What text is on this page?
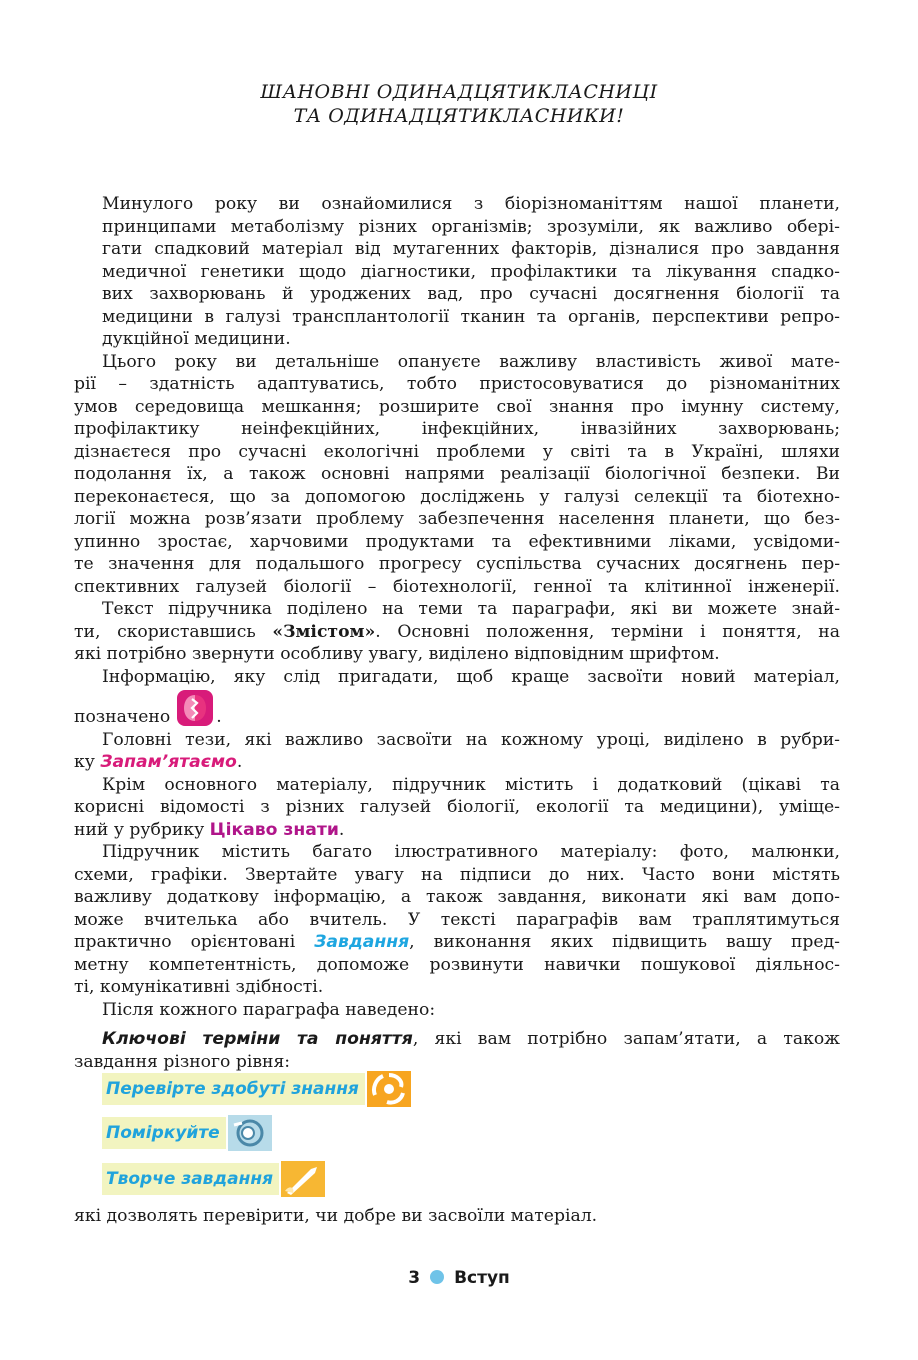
ШАНОВНІ ОДИНАДЦЯТИКЛАСНИЦІ
ТА ОДИНАДЦЯТИКЛАСНИКИ!

Минулого року ви ознайомилися з біорізноманіттям нашої планети,
принципами метаболізму різних організмів; зрозуміли, як важливо обері-
гати спадковий матеріал від мутагенних факторів, дізналися про завдання
медичної генетики щодо діагностики, профілактики та лікування спадко-
вих захворювань й уроджених вад, про сучасні досягнення біології та
медицини в галузі трансплантології тканин та органів, перспективи репро-
дукційної медицини.

Цього року ви детальніше опануєте важливу властивість живої мате-
рії – здатність адаптуватись, тобто пристосовуватися до різноманітних
умов середовища мешкання; розширите свої знання про імунну систему,
профілактику неінфекційних, інфекційних, інвазійних захворювань;
дізнаєтеся про сучасні екологічні проблеми у світі та в Україні, шляхи
подолання їх, а також основні напрями реалізації біологічної безпеки. Ви
переконаєтеся, що за допомогою досліджень у галузі селекції та біотехно-
логії можна розв’язати проблему забезпечення населення планети, що без-
упинно зростає, харчовими продуктами та ефективними ліками, усвідоми-
те значення для подальшого прогресу суспільства сучасних досягнень пер-
спективних галузей біології – біотехнології, генної та клітинної інженерії.

Текст підручника поділено на теми та параграфи, які ви можете знай-
ти, скориставшись «Змістом». Основні положення, терміни і поняття, на
які потрібно звернути особливу увагу, виділено відповідним шрифтом.

Інформацію, яку слід пригадати, щоб краще засвоїти новий матеріал,
позначено	.

Головні тези, які важливо засвоїти на кожному уроці, виділено в рубри-
ку Запам’ятаємо.

Крім основного матеріалу, підручник містить і додатковий (цікаві та
корисні відомості з різних галузей біології, екології та медицини), уміще-
ний у рубрику Цікаво знати.

Підручник містить багато ілюстративного матеріалу: фото, малюнки,
схеми, графіки. Звертайте увагу на підписи до них. Часто вони містять
важливу додаткову інформацію, а також завдання, виконати які вам допо-
може вчителька або вчитель. У тексті параграфів вам траплятимуться
практично орієнтовані Завдання, виконання яких підвищить вашу пред-
метну компетентність, допоможе розвинути навички пошукової діяльнос-
ті, комунікативні здібності.

Після кожного параграфа наведено:

Ключові терміни та поняття, які вам потрібно запам’ятати, а також
завдання різного рівня:

Перевірте здобуті знання
Поміркуйте
Творче завдання

які дозволять перевірити, чи добре ви засвоїли матеріал.

3 Вступ
